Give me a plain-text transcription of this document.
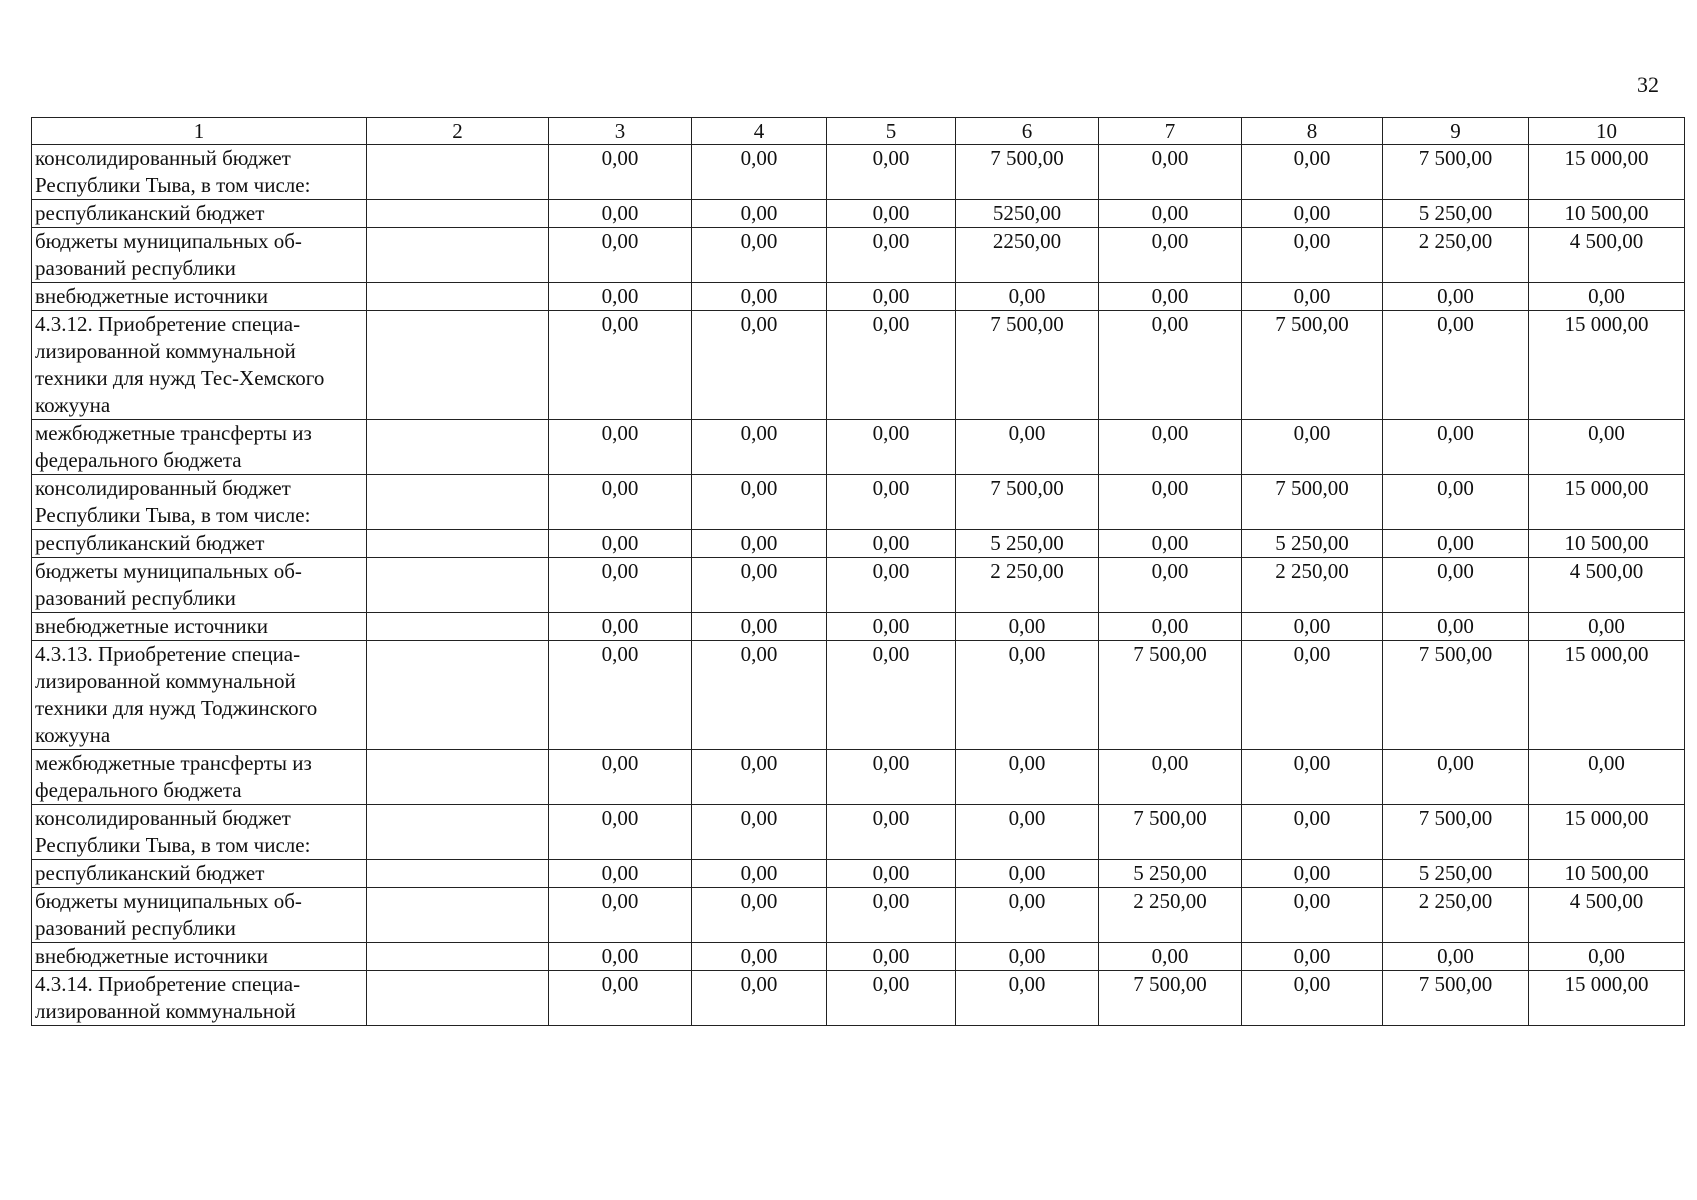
32
1	2	3	4	5	6	7	8	9	10
консолидированный бюджет Республики Тыва, в том числе:		0,00	0,00	0,00	7 500,00	0,00	0,00	7 500,00	15 000,00
республиканский бюджет		0,00	0,00	0,00	5250,00	0,00	0,00	5 250,00	10 500,00
бюджеты муниципальных об-разований республики		0,00	0,00	0,00	2250,00	0,00	0,00	2 250,00	4 500,00
внебюджетные источники		0,00	0,00	0,00	0,00	0,00	0,00	0,00	0,00
4.3.12. Приобретение специа-лизированной коммунальной техники для нужд Тес-Хемского кожууна		0,00	0,00	0,00	7 500,00	0,00	7 500,00	0,00	15 000,00
межбюджетные трансферты из федерального бюджета		0,00	0,00	0,00	0,00	0,00	0,00	0,00	0,00
консолидированный бюджет Республики Тыва, в том числе:		0,00	0,00	0,00	7 500,00	0,00	7 500,00	0,00	15 000,00
республиканский бюджет		0,00	0,00	0,00	5 250,00	0,00	5 250,00	0,00	10 500,00
бюджеты муниципальных об-разований республики		0,00	0,00	0,00	2 250,00	0,00	2 250,00	0,00	4 500,00
внебюджетные источники		0,00	0,00	0,00	0,00	0,00	0,00	0,00	0,00
4.3.13. Приобретение специа-лизированной коммунальной техники для нужд Тоджинского кожууна		0,00	0,00	0,00	0,00	7 500,00	0,00	7 500,00	15 000,00
межбюджетные трансферты из федерального бюджета		0,00	0,00	0,00	0,00	0,00	0,00	0,00	0,00
консолидированный бюджет Республики Тыва, в том числе:		0,00	0,00	0,00	0,00	7 500,00	0,00	7 500,00	15 000,00
республиканский бюджет		0,00	0,00	0,00	0,00	5 250,00	0,00	5 250,00	10 500,00
бюджеты муниципальных об-разований республики		0,00	0,00	0,00	0,00	2 250,00	0,00	2 250,00	4 500,00
внебюджетные источники		0,00	0,00	0,00	0,00	0,00	0,00	0,00	0,00
4.3.14. Приобретение специа-лизированной коммунальной		0,00	0,00	0,00	0,00	7 500,00	0,00	7 500,00	15 000,00
